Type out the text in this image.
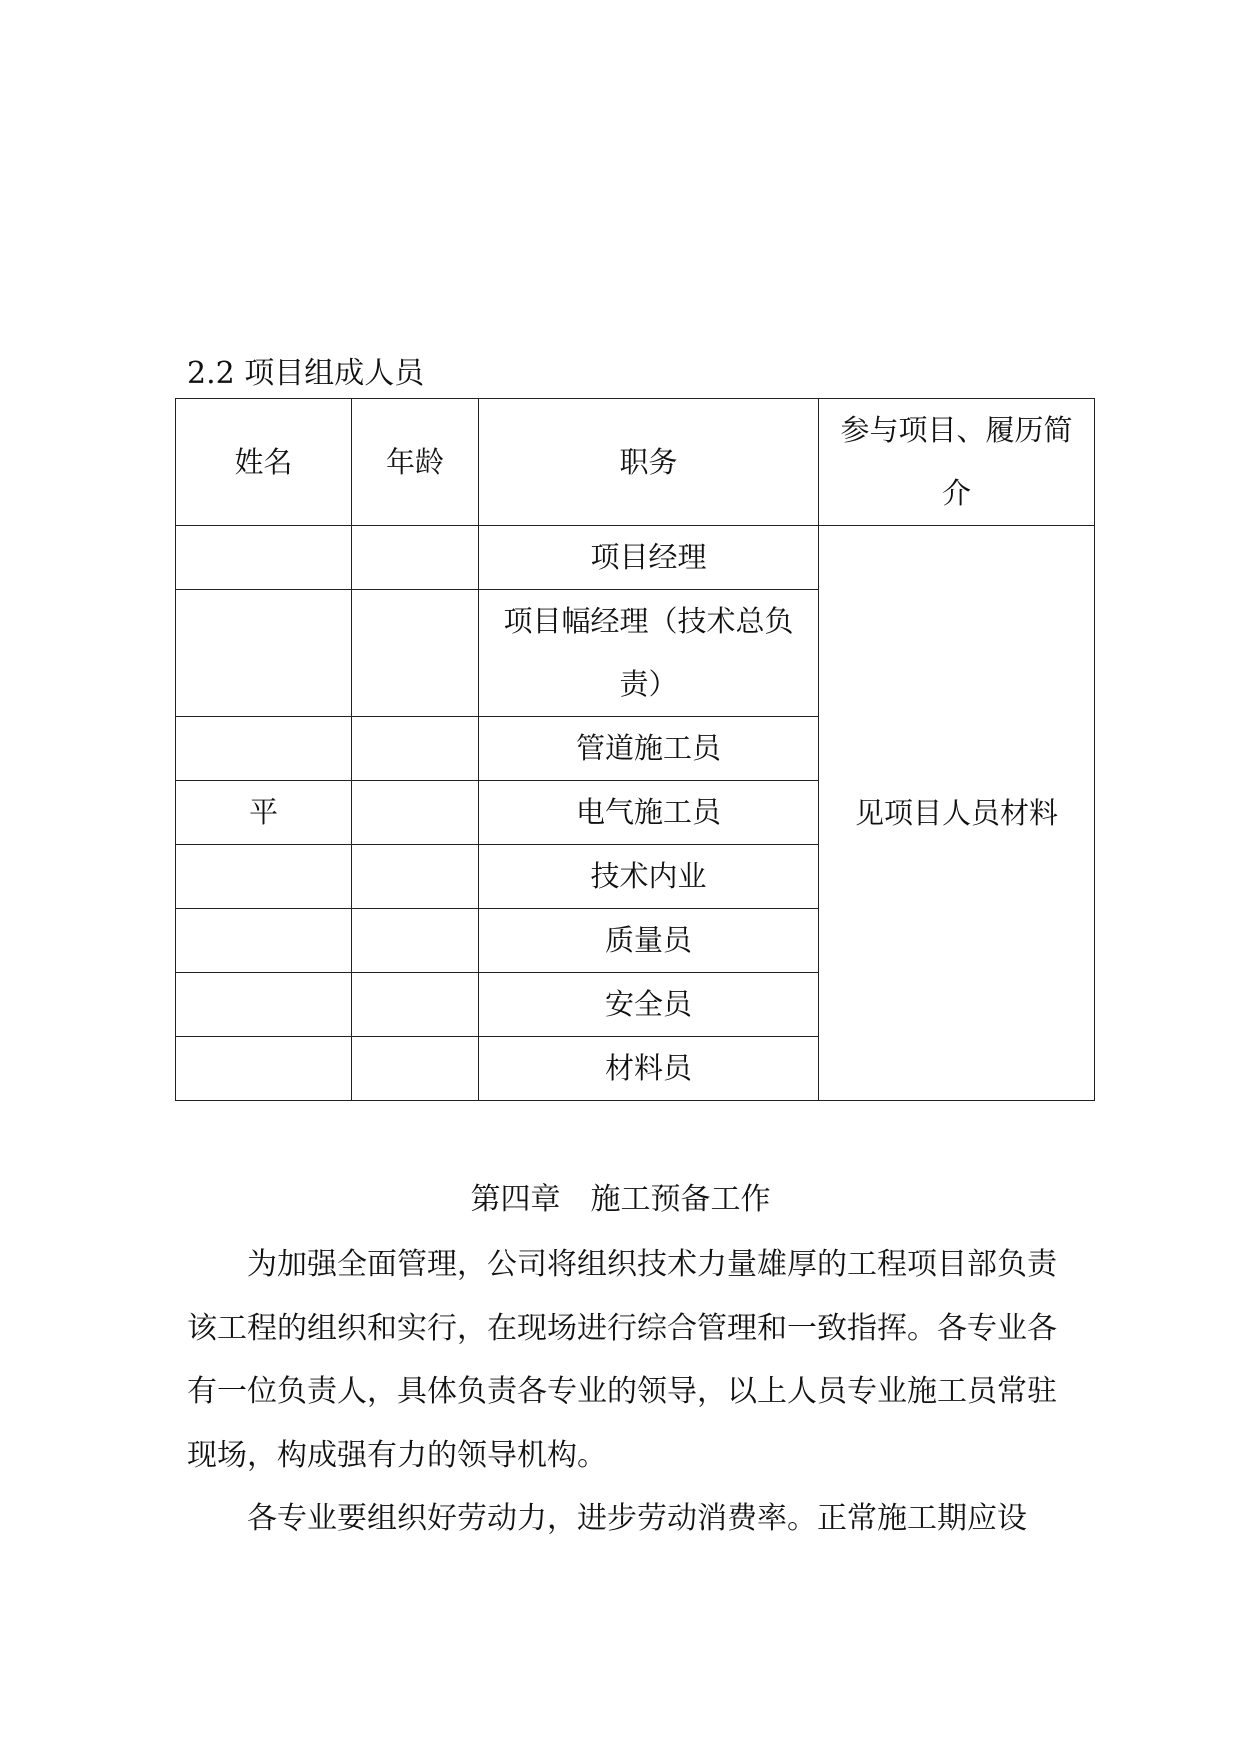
2.2 项目组成人员
姓名	年龄	职务	参与项目、履历简介
		项目经理	见项目人员材料
		项目幅经理（技术总负责）	
		管道施工员	
平		电气施工员	
		技术内业	
		质量员	
		安全员	
		材料员	
第四章　施工预备工作

为加强全面管理，公司将组织技术力量雄厚的工程项目部负责该工程的组织和实行，在现场进行综合管理和一致指挥。各专业各有一位负责人，具体负责各专业的领导，以上人员专业施工员常驻现场，构成强有力的领导机构。

各专业要组织好劳动力，进步劳动消费率。正常施工期应设
